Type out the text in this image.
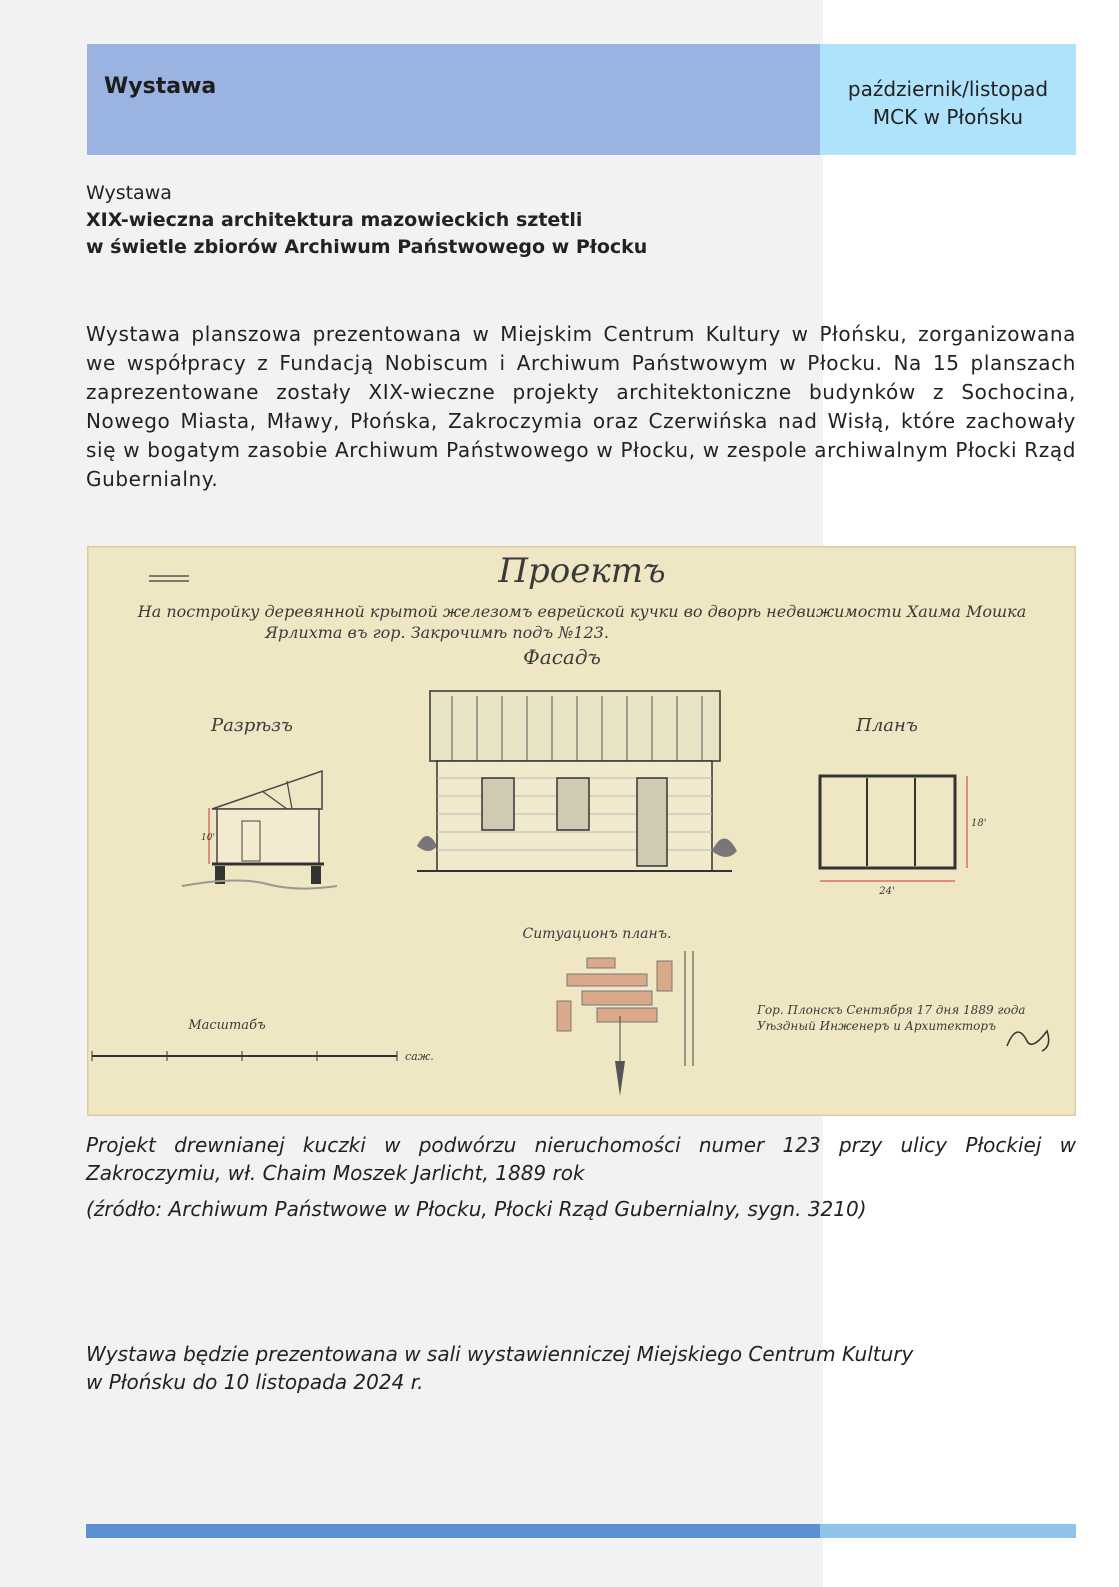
Wystawa	październik/listopad
MCK w Płońsku
Wystawa
XIX-wieczna architektura mazowieckich sztetli
w świetle zbiorów Archiwum Państwowego w Płocku
Wystawa planszowa prezentowana w Miejskim Centrum Kultury w Płońsku, zorganizowana we współpracy z Fundacją Nobiscum i Archiwum Państwowym w Płocku. Na 15 planszach zaprezentowane zostały XIX-wieczne projekty architektoniczne budynków z Sochocina, Nowego Miasta, Mławy, Płońska, Zakroczymia oraz Czerwińska nad Wisłą, które zachowały się w bogatym zasobie Archiwum Państwowego w Płocku, w zespole archiwalnym Płocki Rząd Gubernialny.
Проектъ
На постройку деревянной крытой железомъ еврейской кучки во дворѣ недвижимости Хаима Мошка
Ярлихта въ гор. Закрочимѣ подъ №123.
Фасадъ
Разрѣзъ	Планъ
10'
24'
18'
Ситуационъ планъ.
Масштабъ
саж.
Гор. Плонскъ Сентября 17 дня 1889 года
Уѣздный Инженеръ и Архитекторъ
Projekt drewnianej kuczki w podwórzu nieruchomości numer 123 przy ulicy Płockiej w Zakroczymiu, wł. Chaim Moszek Jarlicht, 1889 rok
(źródło: Archiwum Państwowe w Płocku, Płocki Rząd Gubernialny, sygn. 3210)
Wystawa będzie prezentowana w sali wystawienniczej Miejskiego Centrum Kultury
w Płońsku do 10 listopada 2024 r.
